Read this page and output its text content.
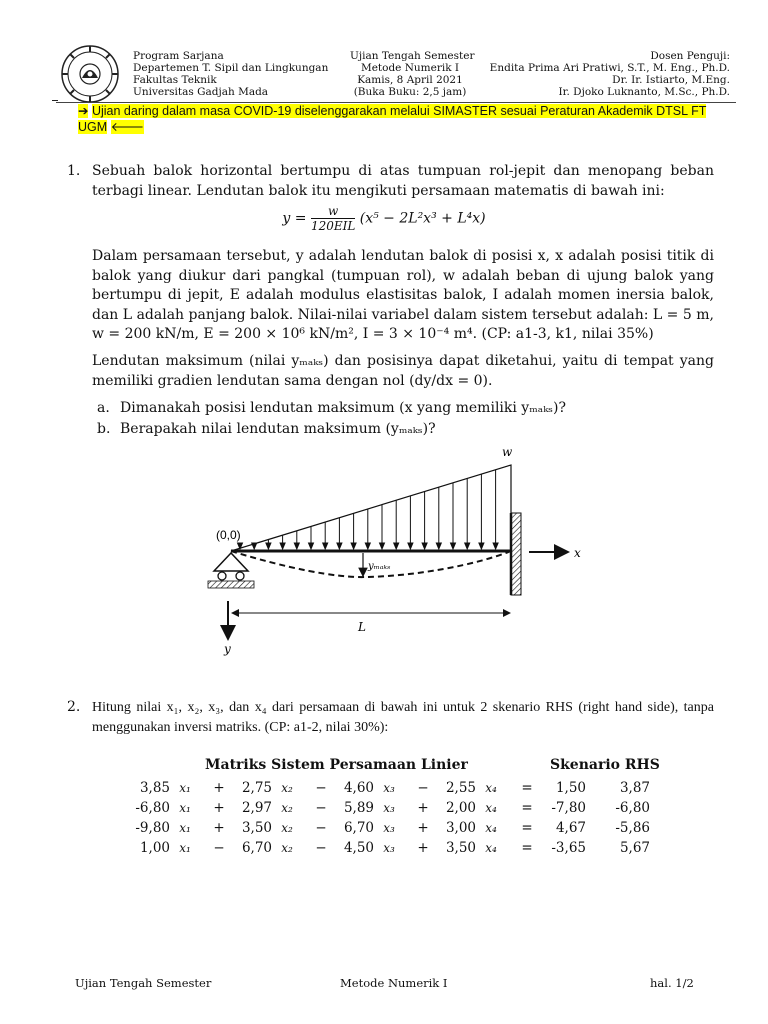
Program Sarjana
Departemen T. Sipil dan Lingkungan
Fakultas Teknik
Universitas Gadjah Mada
Ujian Tengah Semester
Metode Numerik I
Kamis, 8 April 2021
(Buka Buku: 2,5 jam)
Dosen Penguji:
Endita Prima Ari Pratiwi, S.T., M. Eng., Ph.D.
Dr. Ir. Istiarto, M.Eng.
Ir. Djoko Luknanto, M.Sc., Ph.D.
➔ Ujian daring dalam masa COVID-19 diselenggarakan melalui SIMASTER sesuai Peraturan Akademik DTSL FT UGM 🡐
1. Sebuah balok horizontal bertumpu di atas tumpuan rol-jepit dan menopang beban terbagi linear. Lendutan balok itu mengikuti persamaan matematis di bawah ini:
$y = \frac{w}{\text{120EIL}} (x^5 - 2L^2x^3 + L^4x)$
Dalam persamaan tersebut, y adalah lendutan balok di posisi x, x adalah posisi titik di balok yang diukur dari pangkal (tumpuan rol), w adalah beban di ujung balok yang bertumpu di jepit, E adalah modulus elastisitas balok, I adalah momen inersia balok, dan L adalah panjang balok. Nilai-nilai variabel dalam sistem tersebut adalah: L = 5 m, w = 200 kN/m, E = 200 × 10⁶ kN/m², I = 3 × 10⁻⁴ m⁴. (CP: a1-3, k1, nilai 35%)
Lendutan maksimum (nilai yₘₐₖₛ) dan posisinya dapat diketahui, yaitu di tempat yang memiliki gradien lendutan sama dengan nol (dy/dx = 0).
a. Dimanakah posisi lendutan maksimum (x yang memiliki yₘₐₖₛ)?
b. Berapakah nilai lendutan maksimum (yₘₐₖₛ)?
w
yₘₐₖₛ
(0,0)
x
y
L
2. Hitung nilai x₁, x₂, x₃, dan x₄ dari persamaan di bawah ini untuk 2 skenario RHS (right hand side), tanpa menggunakan inversi matriks. (CP: a1-2, nilai 30%):
Matriks Sistem Persamaan Linier	Skenario RHS
3,85	x₁	+	2,75	x₂	−	4,60	x₃	−	2,55	x₄	=	1,50	3,87
-6,80	x₁	+	2,97	x₂	−	5,89	x₃	+	2,00	x₄	=	-7,80	-6,80
-9,80	x₁	+	3,50	x₂	−	6,70	x₃	+	3,00	x₄	=	4,67	-5,86
1,00	x₁	−	6,70	x₂	−	4,50	x₃	+	3,50	x₄	=	-3,65	5,67
Ujian Tengah Semester	Metode Numerik I	hal. 1/2
